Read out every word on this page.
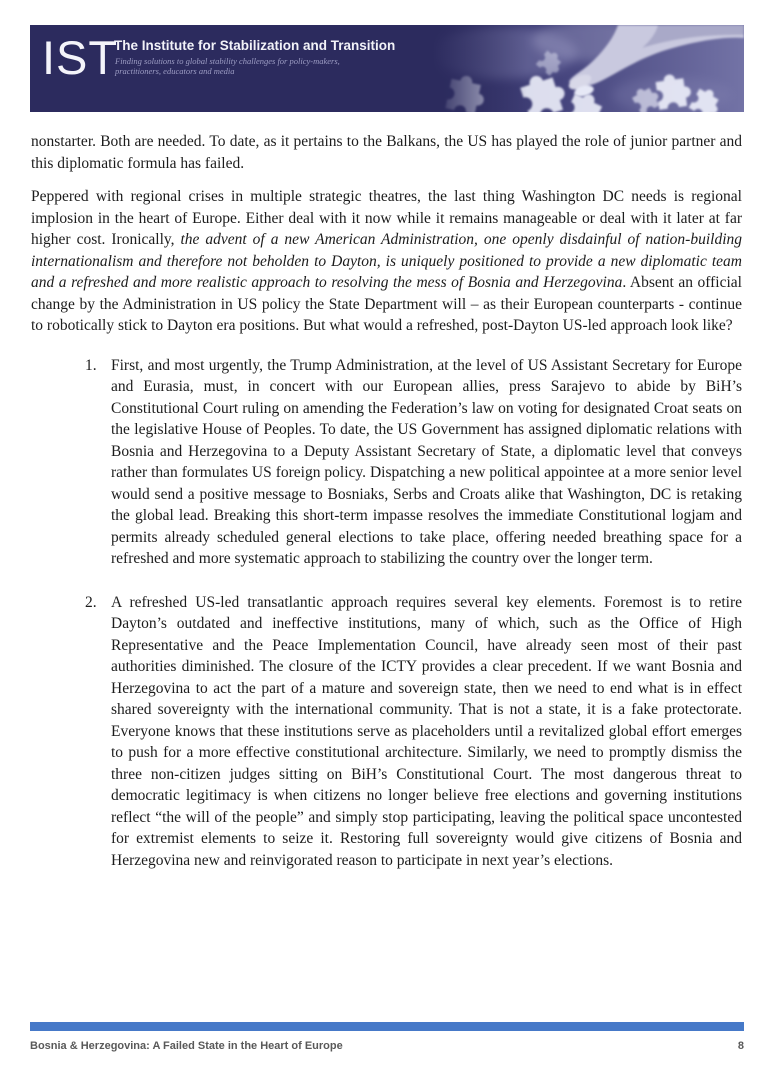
IST
The Institute for Stabilization and Transition
Finding solutions to global stability challenges for policy-makers,
practitioners, educators and media

nonstarter. Both are needed. To date, as it pertains to the Balkans, the US has played the role of junior partner and this diplomatic formula has failed.

Peppered with regional crises in multiple strategic theatres, the last thing Washington DC needs is regional implosion in the heart of Europe. Either deal with it now while it remains manageable or deal with it later at far higher cost. Ironically, the advent of a new American Administration, one openly disdainful of nation-building internationalism and therefore not beholden to Dayton, is uniquely positioned to provide a new diplomatic team and a refreshed and more realistic approach to resolving the mess of Bosnia and Herzegovina. Absent an official change by the Administration in US policy the State Department will – as their European counterparts - continue to robotically stick to Dayton era positions. But what would a refreshed, post-Dayton US-led approach look like?

1. First, and most urgently, the Trump Administration, at the level of US Assistant Secretary for Europe and Eurasia, must, in concert with our European allies, press Sarajevo to abide by BiH’s Constitutional Court ruling on amending the Federation’s law on voting for designated Croat seats on the legislative House of Peoples. To date, the US Government has assigned diplomatic relations with Bosnia and Herzegovina to a Deputy Assistant Secretary of State, a diplomatic level that conveys rather than formulates US foreign policy. Dispatching a new political appointee at a more senior level would send a positive message to Bosniaks, Serbs and Croats alike that Washington, DC is retaking the global lead. Breaking this short-term impasse resolves the immediate Constitutional logjam and permits already scheduled general elections to take place, offering needed breathing space for a refreshed and more systematic approach to stabilizing the country over the longer term.
2. A refreshed US-led transatlantic approach requires several key elements. Foremost is to retire Dayton’s outdated and ineffective institutions, many of which, such as the Office of High Representative and the Peace Implementation Council, have already seen most of their past authorities diminished. The closure of the ICTY provides a clear precedent. If we want Bosnia and Herzegovina to act the part of a mature and sovereign state, then we need to end what is in effect shared sovereignty with the international community. That is not a state, it is a fake protectorate. Everyone knows that these institutions serve as placeholders until a revitalized global effort emerges to push for a more effective constitutional architecture. Similarly, we need to promptly dismiss the three non-citizen judges sitting on BiH’s Constitutional Court. The most dangerous threat to democratic legitimacy is when citizens no longer believe free elections and governing institutions reflect “the will of the people” and simply stop participating, leaving the political space uncontested for extremist elements to seize it. Restoring full sovereignty would give citizens of Bosnia and Herzegovina new and reinvigorated reason to participate in next year’s elections.
Bosnia & Herzegovina: A Failed State in the Heart of Europe	8
